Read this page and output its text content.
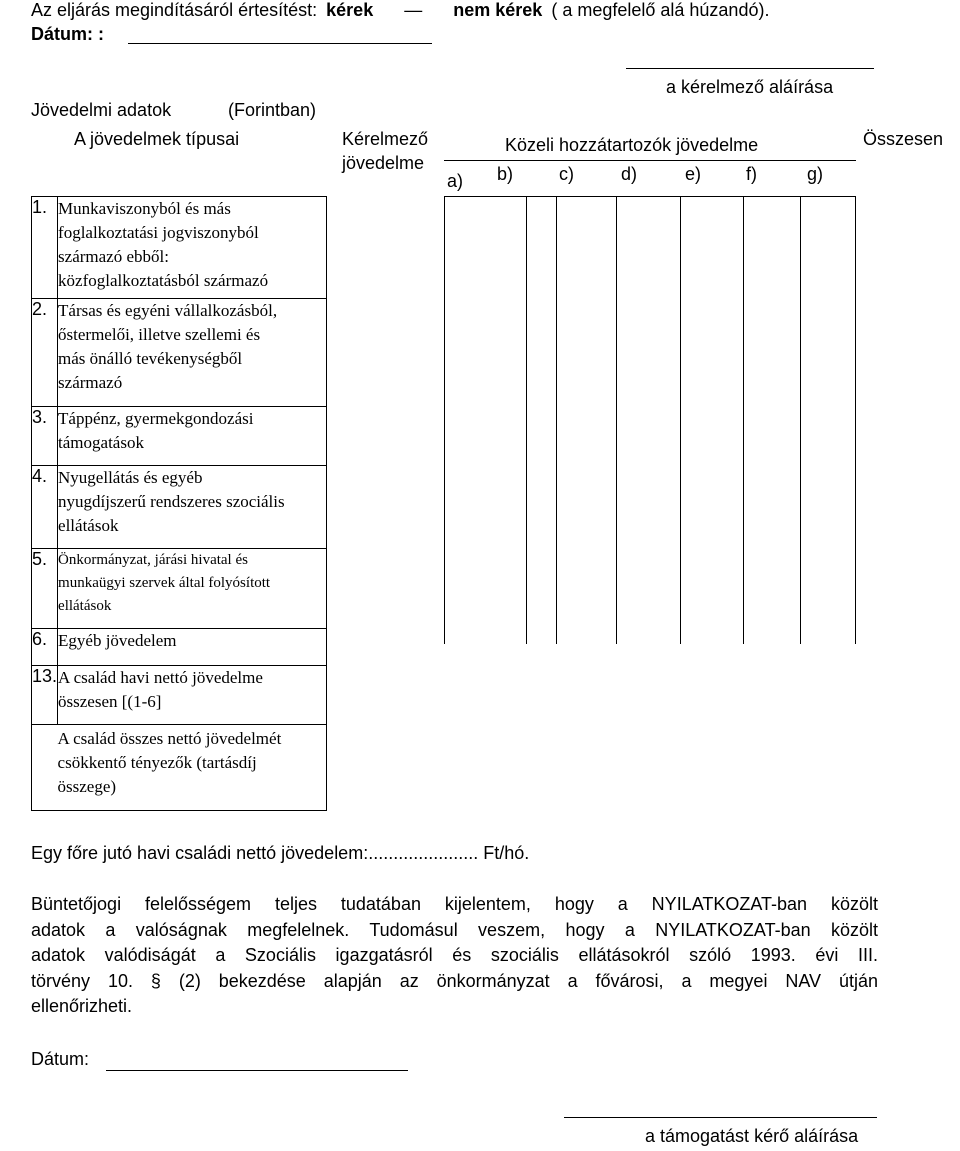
Az eljárás megindításáról értesítést: kérek — nem kérek ( a megfelelő alá húzandó).
Dátum: :
a kérelmező aláírása
Jövedelmi adatok	(Forintban)
A jövedelmek típusai	Kérelmező
jövedelme
Közeli hozzátartozók jövedelme	Összesen
a) b)	c)	d)	e) f)	g)
1.	Munkaviszonyból és más
foglalkoztatási jogviszonyból
származó ebből:
közfoglalkoztatásból származó

2.	Társas és egyéni vállalkozásból,
őstermelői, illetve szellemi és
más önálló tevékenységből
származó

3.	Táppénz, gyermekgondozási
támogatások

4.	Nyugellátás és egyéb
nyugdíjszerű rendszeres szociális
ellátások

5.	Önkormányzat, járási hivatal és
munkaügyi szervek által folyósított
ellátások

6.	Egyéb jövedelem

13.	A család havi nettó jövedelme
összesen [(1-6]

	A család összes nettó jövedelmét
csökkentő tényezők (tartásdíj
összege)
Egy főre jutó havi családi nettó jövedelem:...................... Ft/hó.
Büntetőjogi felelősségem teljes tudatában kijelentem, hogy a NYILATKOZAT-ban közölt
adatok a valóságnak megfelelnek. Tudomásul veszem, hogy a NYILATKOZAT-ban közölt
adatok valódiságát a Szociális igazgatásról és szociális ellátásokról szóló 1993. évi III.
törvény 10. § (2) bekezdése alapján az önkormányzat a fővárosi, a megyei NAV útján
ellenőrizheti.
Dátum:
a támogatást kérő aláírása
